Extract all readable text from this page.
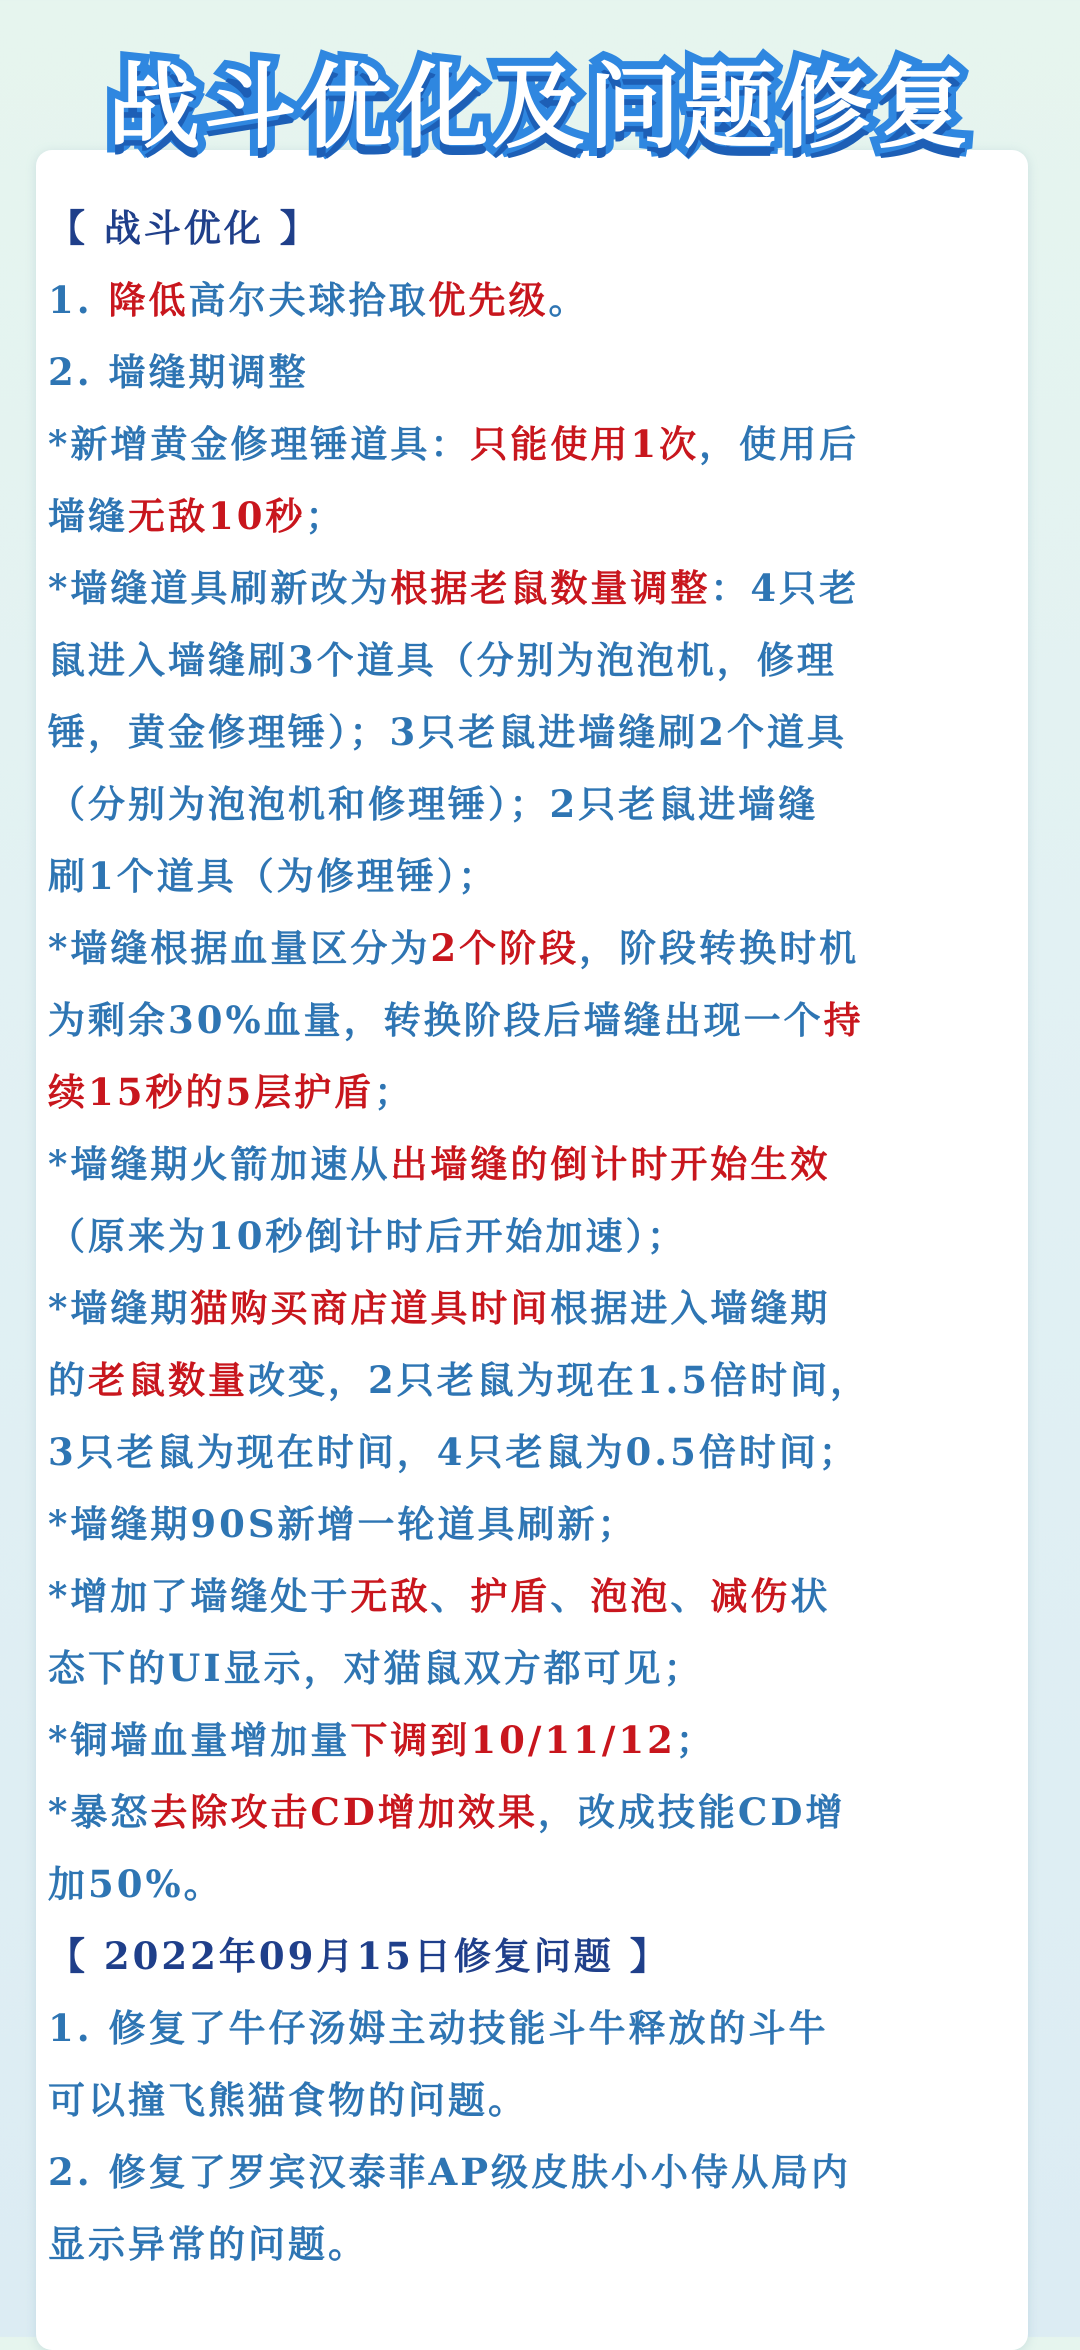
战斗优化及问题修复

【 战斗优化 】

1. 降低高尔夫球拾取优先级。

2. 墙缝期调整

*新增黄金修理锤道具：只能使用1次，使用后

墙缝无敌10秒；

*墙缝道具刷新改为根据老鼠数量调整：4只老

鼠进入墙缝刷3个道具（分别为泡泡机，修理

锤，黄金修理锤）；3只老鼠进墙缝刷2个道具

（分别为泡泡机和修理锤）；2只老鼠进墙缝

刷1个道具（为修理锤）；

*墙缝根据血量区分为2个阶段，阶段转换时机

为剩余30%血量，转换阶段后墙缝出现一个持

续15秒的5层护盾；

*墙缝期火箭加速从出墙缝的倒计时开始生效

（原来为10秒倒计时后开始加速）；

*墙缝期猫购买商店道具时间根据进入墙缝期

的老鼠数量改变，2只老鼠为现在1.5倍时间，

3只老鼠为现在时间，4只老鼠为0.5倍时间；

*墙缝期90S新增一轮道具刷新；

*增加了墙缝处于无敌、护盾、泡泡、减伤状

态下的UI显示，对猫鼠双方都可见；

*铜墙血量增加量下调到10/11/12；

*暴怒去除攻击CD增加效果，改成技能CD增

加50%。

【 2022年09月15日修复问题 】

1. 修复了牛仔汤姆主动技能斗牛释放的斗牛

可以撞飞熊猫食物的问题。

2. 修复了罗宾汉泰菲AP级皮肤小小侍从局内

显示异常的问题。
